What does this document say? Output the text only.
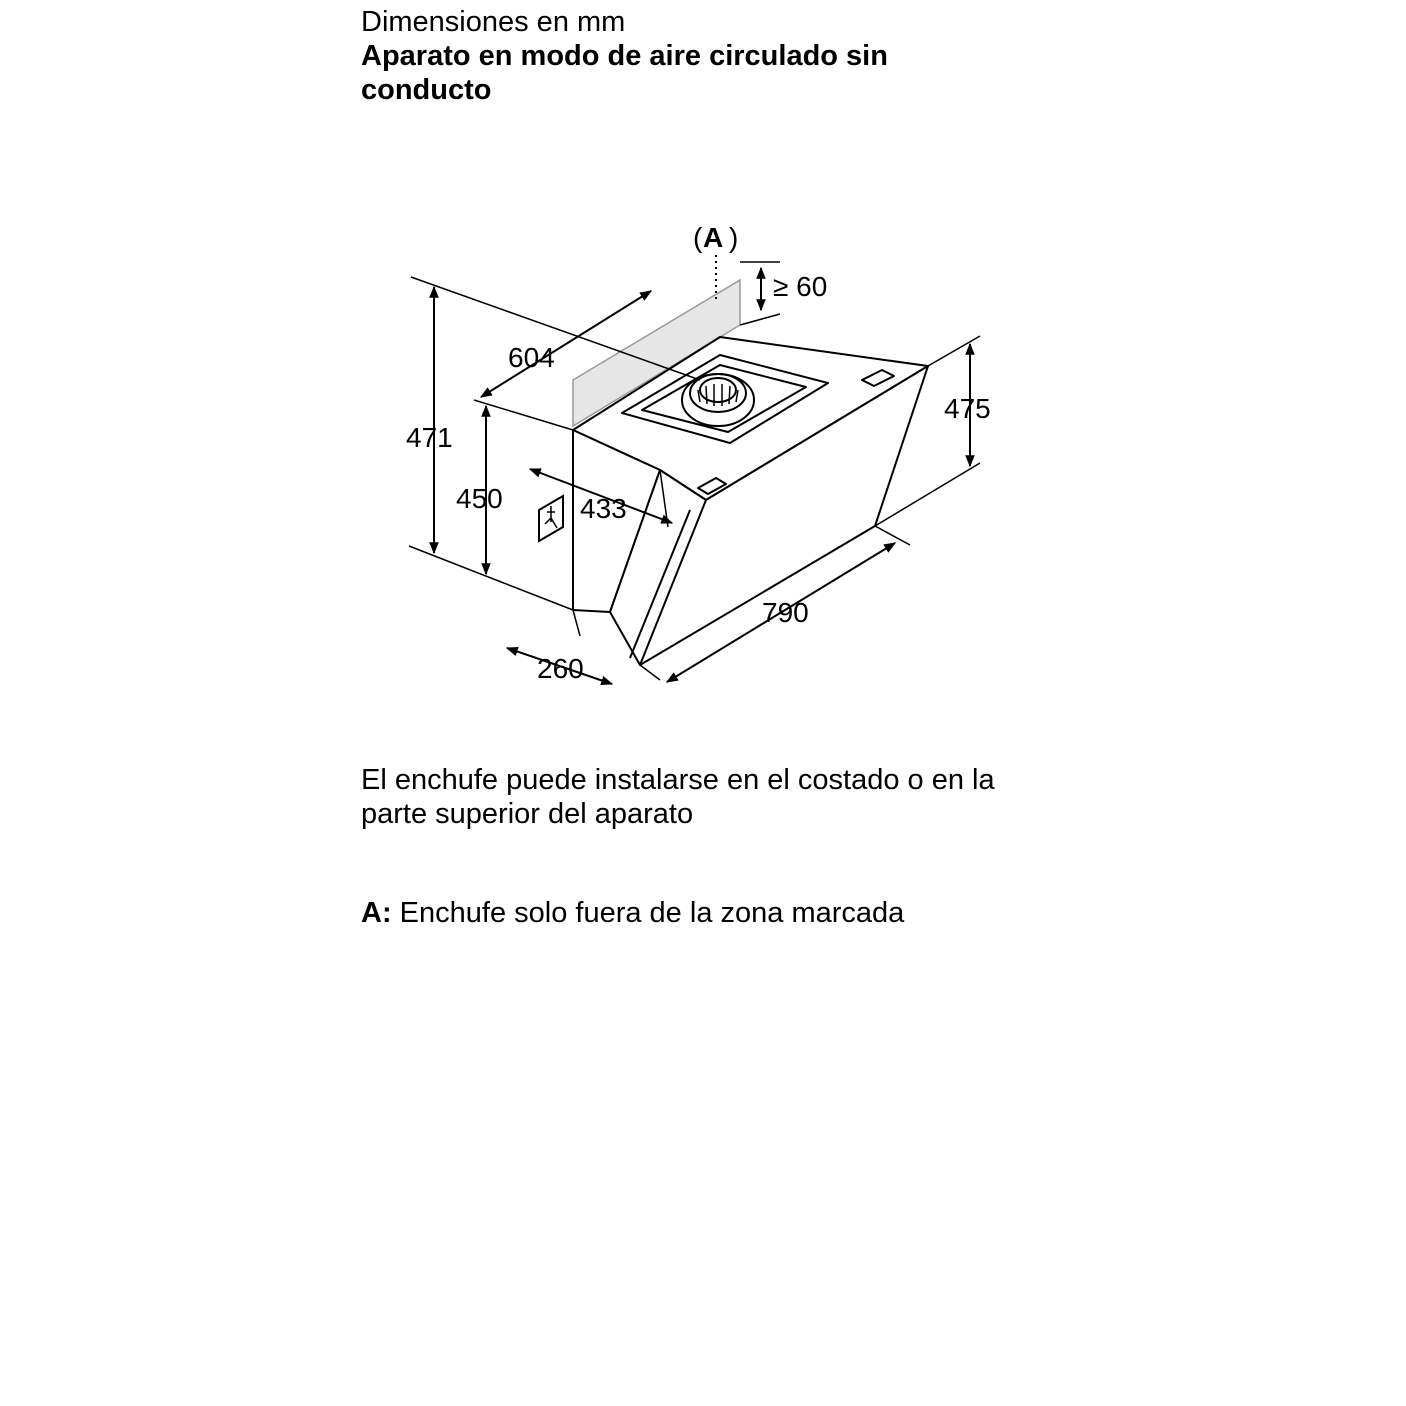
Dimensiones en mm
Aparato en modo de aire circulado sin conducto
( A )
≥ 60
604
471
450	433
475
790
260
El enchufe puede instalarse en el costado o en la parte superior del aparato
A: Enchufe solo fuera de la zona marcada
